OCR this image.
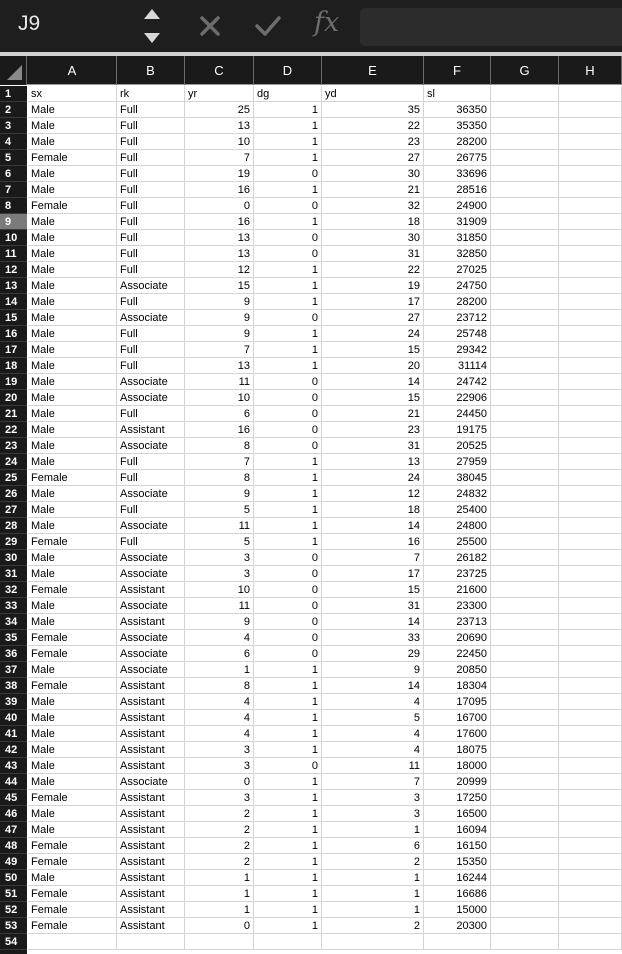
J9	fx
A	B	C	D	E	F	G	H
1
2
3
4
5
6
7
8
9
10
11
12
13
14
15
16
17
18
19
20
21
22
23
24
25
26
27
28
29
30
31
32
33
34
35
36
37
38
39
40
41
42
43
44
45
46
47
48
49
50
51
52
53
54
sx	rk	yr	dg	yd	sl
Male	Full	25	1	35	36350
Male	Full	13	1	22	35350
Male	Full	10	1	23	28200
Female	Full	7	1	27	26775
Male	Full	19	0	30	33696
Male	Full	16	1	21	28516
Female	Full	0	0	32	24900
Male	Full	16	1	18	31909
Male	Full	13	0	30	31850
Male	Full	13	0	31	32850
Male	Full	12	1	22	27025
Male	Associate	15	1	19	24750
Male	Full	9	1	17	28200
Male	Associate	9	0	27	23712
Male	Full	9	1	24	25748
Male	Full	7	1	15	29342
Male	Full	13	1	20	31114
Male	Associate	11	0	14	24742
Male	Associate	10	0	15	22906
Male	Full	6	0	21	24450
Male	Assistant	16	0	23	19175
Male	Associate	8	0	31	20525
Male	Full	7	1	13	27959
Female	Full	8	1	24	38045
Male	Associate	9	1	12	24832
Male	Full	5	1	18	25400
Male	Associate	11	1	14	24800
Female	Full	5	1	16	25500
Male	Associate	3	0	7	26182
Male	Associate	3	0	17	23725
Female	Assistant	10	0	15	21600
Male	Associate	11	0	31	23300
Male	Assistant	9	0	14	23713
Female	Associate	4	0	33	20690
Female	Associate	6	0	29	22450
Male	Associate	1	1	9	20850
Female	Assistant	8	1	14	18304
Male	Assistant	4	1	4	17095
Male	Assistant	4	1	5	16700
Male	Assistant	4	1	4	17600
Male	Assistant	3	1	4	18075
Male	Assistant	3	0	11	18000
Male	Associate	0	1	7	20999
Female	Assistant	3	1	3	17250
Male	Assistant	2	1	3	16500
Male	Assistant	2	1	1	16094
Female	Assistant	2	1	6	16150
Female	Assistant	2	1	2	15350
Male	Assistant	1	1	1	16244
Female	Assistant	1	1	1	16686
Female	Assistant	1	1	1	15000
Female	Assistant	0	1	2	20300
